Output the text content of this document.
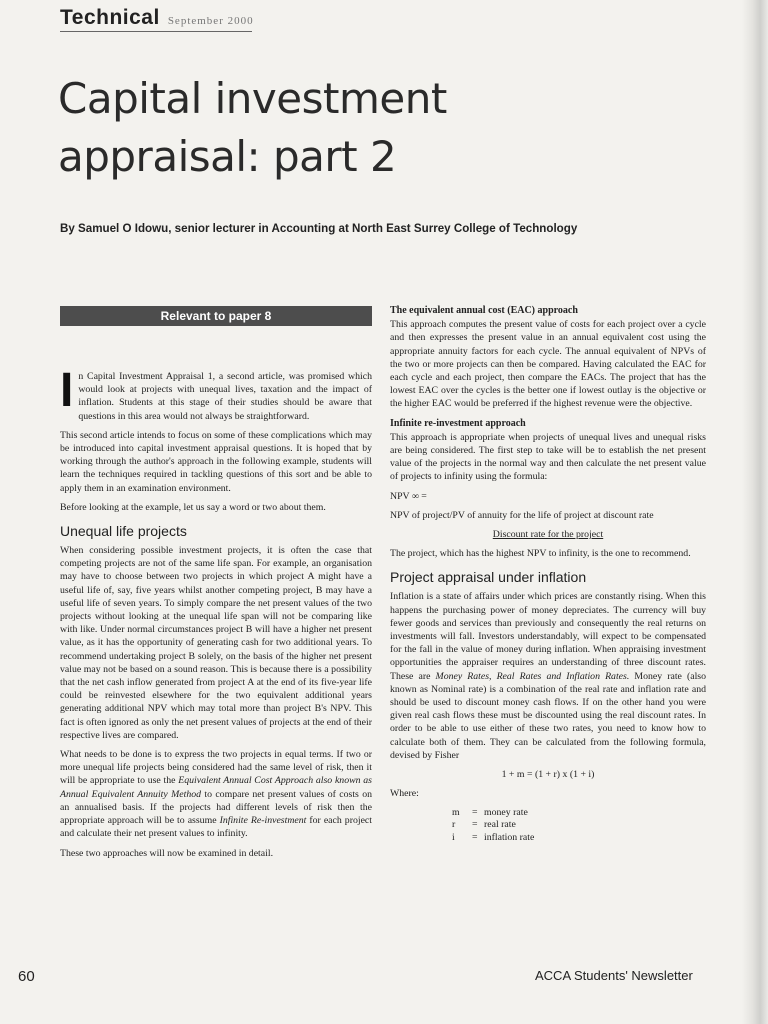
Technical September 2000
Capital investment
appraisal: part 2
By Samuel O Idowu, senior lecturer in Accounting at North East Surrey College of Technology
Relevant to paper 8

In Capital Investment Appraisal 1, a second article, was promised which would look at projects with unequal lives, taxation and the impact of inflation. Students at this stage of their studies should be aware that questions in this area would not always be straightforward.

This second article intends to focus on some of these complications which may be introduced into capital investment appraisal questions. It is hoped that by working through the author's approach in the following example, students will learn the techniques required in tackling questions of this sort and be able to apply them in an examination environment.

Before looking at the example, let us say a word or two about them.

Unequal life projects

When considering possible investment projects, it is often the case that competing projects are not of the same life span. For example, an organisation may have to choose between two projects in which project A might have a useful life of, say, five years whilst another competing project, B may have a useful life of seven years. To simply compare the net present values of the two projects without looking at the unequal life span will not be comparing like with like. Under normal circumstances project B will have a higher net present value, as it has the opportunity of generating cash for two additional years. To recommend undertaking project B solely, on the basis of the higher net present value may not be based on a sound reason. This is because there is a possibility that the net cash inflow generated from project A at the end of its five-year life could be reinvested elsewhere for the two equivalent additional years generating additional NPV which may total more than project B's NPV. This fact is often ignored as only the net present values of projects at the end of their respective lives are compared.

What needs to be done is to express the two projects in equal terms. If two or more unequal life projects being considered had the same level of risk, then it will be appropriate to use the Equivalent Annual Cost Approach also known as Annual Equivalent Annuity Method to compare net present values of costs on an annualised basis. If the projects had different levels of risk then the appropriate approach will be to assume Infinite Re-investment for each project and calculate their net present values to infinity.

These two approaches will now be examined in detail.

The equivalent annual cost (EAC) approach

This approach computes the present value of costs for each project over a cycle and then expresses the present value in an annual equivalent cost using the appropriate annuity factors for each cycle. The annual equivalent of NPVs of the two or more projects can then be compared. Having calculated the EAC for each cycle and each project, then compare the EACs. The project that has the lowest EAC over the cycles is the better one if lowest outlay is the objective or the higher EAC would be preferred if the highest revenue were the objective.

Infinite re-investment approach

This approach is appropriate when projects of unequal lives and unequal risks are being considered. The first step to take will be to establish the net present value of the projects in the normal way and then calculate the net present value of projects to infinity using the formula:

NPV ∞ =

NPV of project/PV of annuity for the life of project at discount rate

Discount rate for the project

The project, which has the highest NPV to infinity, is the one to recommend.

Project appraisal under inflation

Inflation is a state of affairs under which prices are constantly rising. When this happens the purchasing power of money depreciates. The currency will buy fewer goods and services than previously and consequently the real returns on investments will fall. Investors understandably, will expect to be compensated for the fall in the value of money during inflation. When appraising investment opportunities the appraiser requires an understanding of three discount rates. These are Money Rates, Real Rates and Inflation Rates. Money rate (also known as Nominal rate) is a combination of the real rate and inflation rate and should be used to discount money cash flows. If on the other hand you were given real cash flows these must be discounted using the real discount rates. In order to be able to use either of these two rates, you need to know how to calculate both of them. They can be calculated from the following formula, devised by Fisher

1 + m = (1 + r) x (1 + i)

Where:

m	= money rate
r	= real rate
i	= inflation rate
60	ACCA Students' Newsletter
